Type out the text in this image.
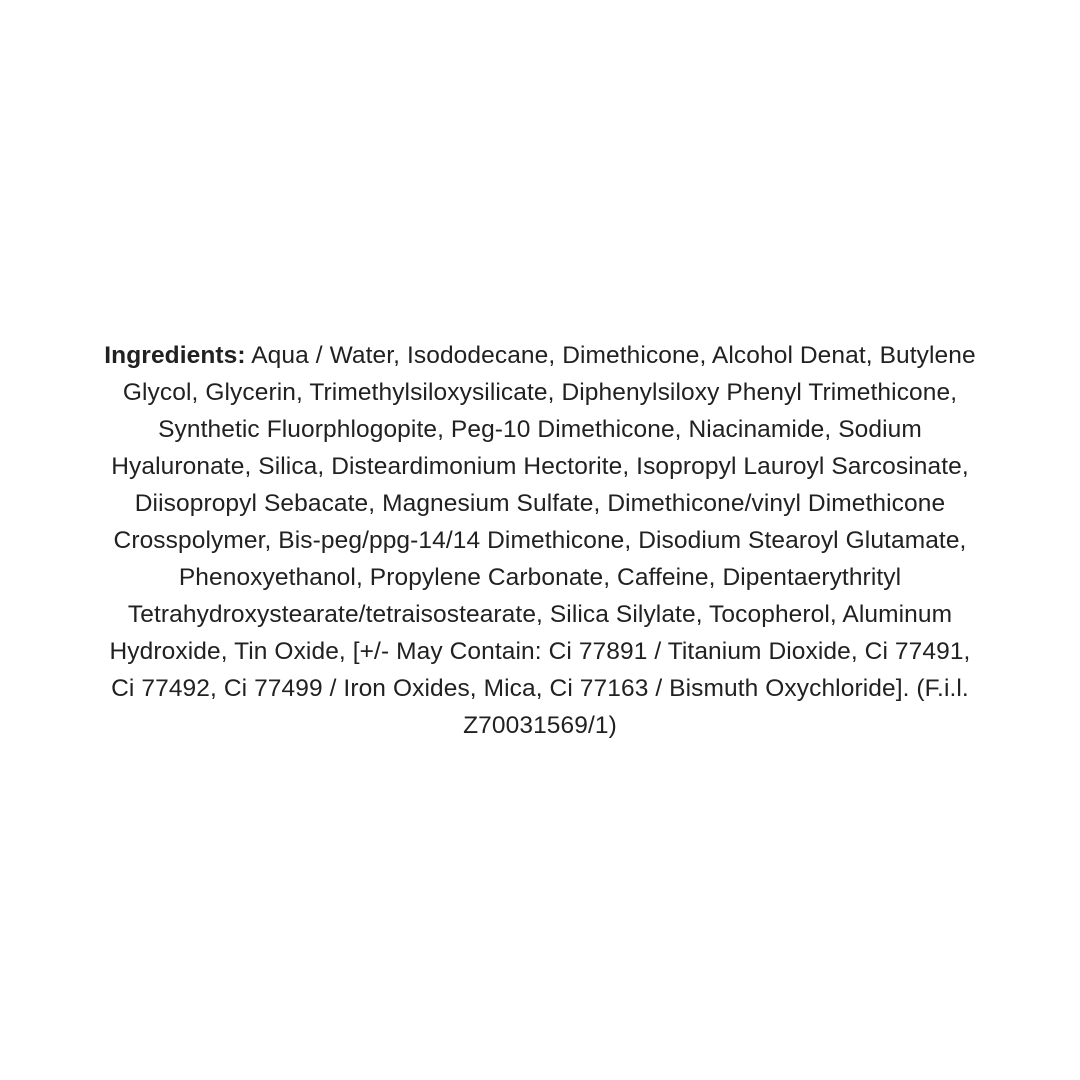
Ingredients: Aqua / Water, Isododecane, Dimethicone, Alcohol Denat, Butylene Glycol, Glycerin, Trimethylsiloxysilicate, Diphenylsiloxy Phenyl Trimethicone, Synthetic Fluorphlogopite, Peg-10 Dimethicone, Niacinamide, Sodium Hyaluronate, Silica, Disteardimonium Hectorite, Isopropyl Lauroyl Sarcosinate, Diisopropyl Sebacate, Magnesium Sulfate, Dimethicone/vinyl Dimethicone Crosspolymer, Bis-peg/ppg-14/14 Dimethicone, Disodium Stearoyl Glutamate, Phenoxyethanol, Propylene Carbonate, Caffeine, Dipentaerythrityl Tetrahydroxystearate/tetraisostearate, Silica Silylate, Tocopherol, Aluminum Hydroxide, Tin Oxide, [+/- May Contain: Ci 77891 / Titanium Dioxide, Ci 77491, Ci 77492, Ci 77499 / Iron Oxides, Mica, Ci 77163 / Bismuth Oxychloride]. (F.i.l. Z70031569/1)
